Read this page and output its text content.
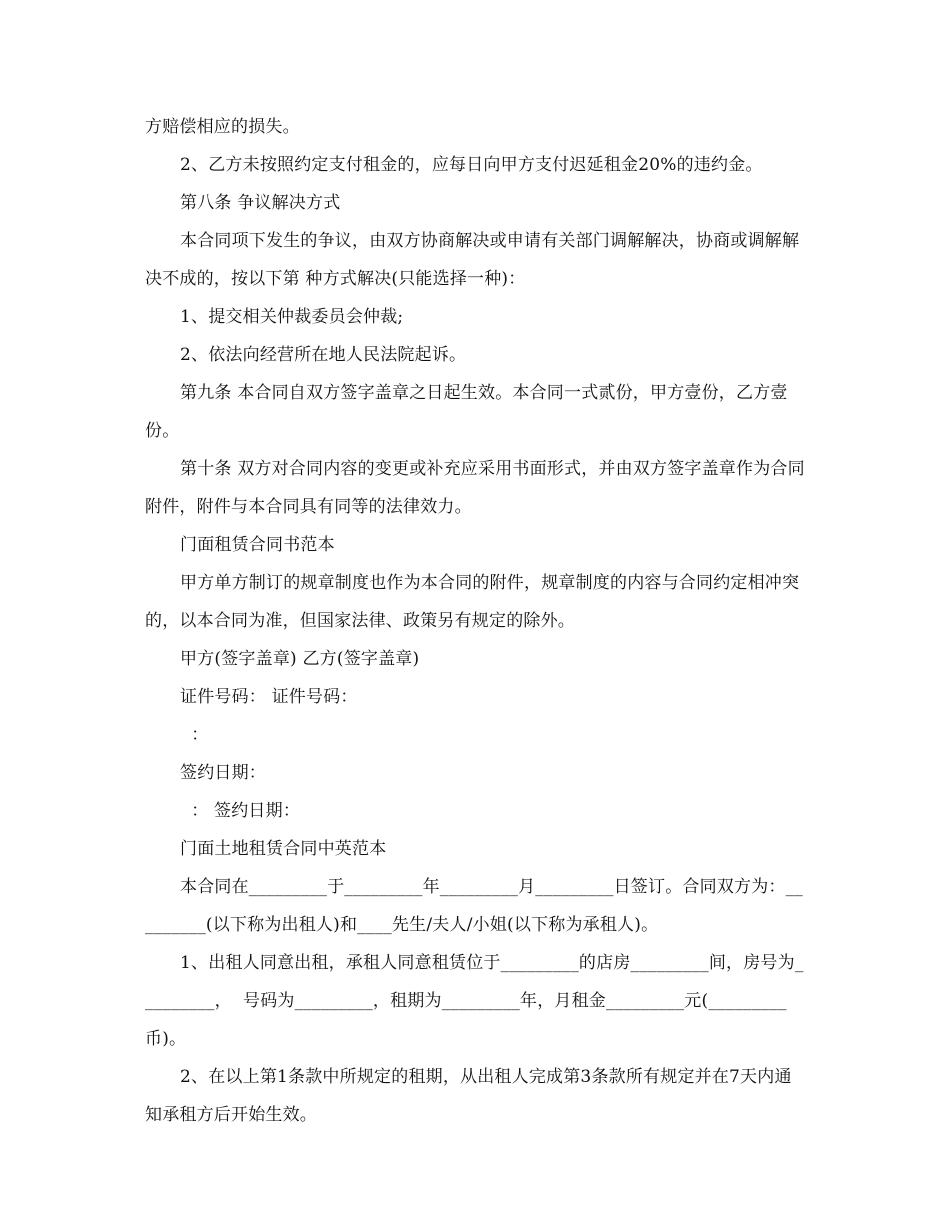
方赔偿相应的损失。

2、乙方未按照约定支付租金的，应每日向甲方支付迟延租金20%的违约金。

第八条 争议解决方式

本合同项下发生的争议，由双方协商解决或申请有关部门调解解决，协商或调解解决不成的，按以下第 种方式解决(只能选择一种)：

1、提交相关仲裁委员会仲裁;

2、依法向经营所在地人民法院起诉。

第九条 本合同自双方签字盖章之日起生效。本合同一式贰份，甲方壹份，乙方壹份。

第十条 双方对合同内容的变更或补充应采用书面形式，并由双方签字盖章作为合同附件，附件与本合同具有同等的法律效力。

门面租赁合同书范本

甲方单方制订的规章制度也作为本合同的附件，规章制度的内容与合同约定相冲突的，以本合同为准，但国家法律、政策另有规定的除外。

甲方(签字盖章) 乙方(签字盖章)

证件号码： 证件号码：

：

签约日期：

： 签约日期：

门面土地租赁合同中英范本

本合同在_________于_________年_________月_________日签订。合同双方为：_________(以下称为出租人)和____先生/夫人/小姐(以下称为承租人)。

1、出租人同意出租，承租人同意租赁位于_________的店房_________间，房号为_________，  号码为_________，租期为_________年，月租金_________元(_________币)。

2、在以上第1条款中所规定的租期，从出租人完成第3条款所有规定并在7天内通知承租方后开始生效。
